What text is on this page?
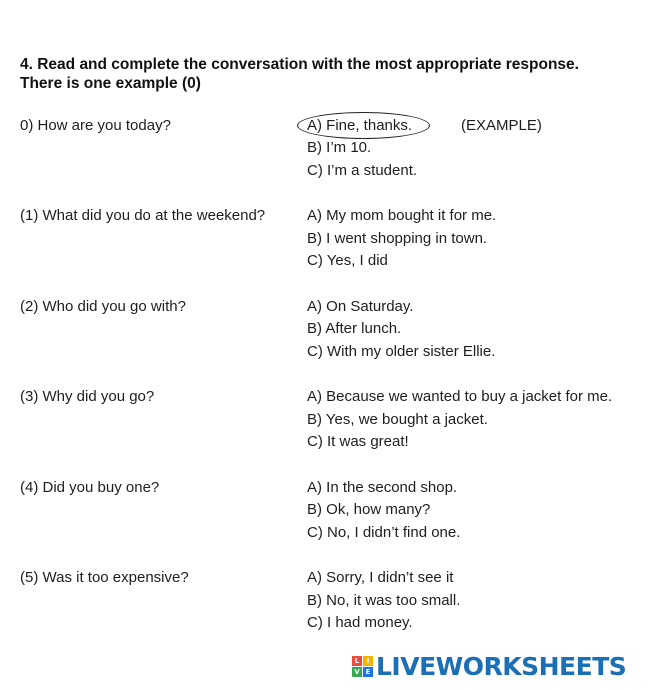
4. Read and complete the conversation with the most appropriate response.
There is one example (0)
0) How are you today?	A) Fine, thanks.	(EXAMPLE)
B) I’m 10.
C) I’m a student.
(1) What did you do at the weekend?	A) My mom bought it for me.
B) I went shopping in town.
C) Yes, I did
(2) Who did you go with?	A) On Saturday.
B) After lunch.
C) With my older sister Ellie.
(3) Why did you go?	A) Because we wanted to buy a jacket for me.
B) Yes, we bought a jacket.
C) It was great!
(4) Did you buy one?	A) In the second shop.
B) Ok, how many?
C) No, I didn’t find one.
(5) Was it too expensive?	A) Sorry, I didn’t see it
B) No, it was too small.
C) I had money.
L	I
V E LIVEWORKSHEETS
